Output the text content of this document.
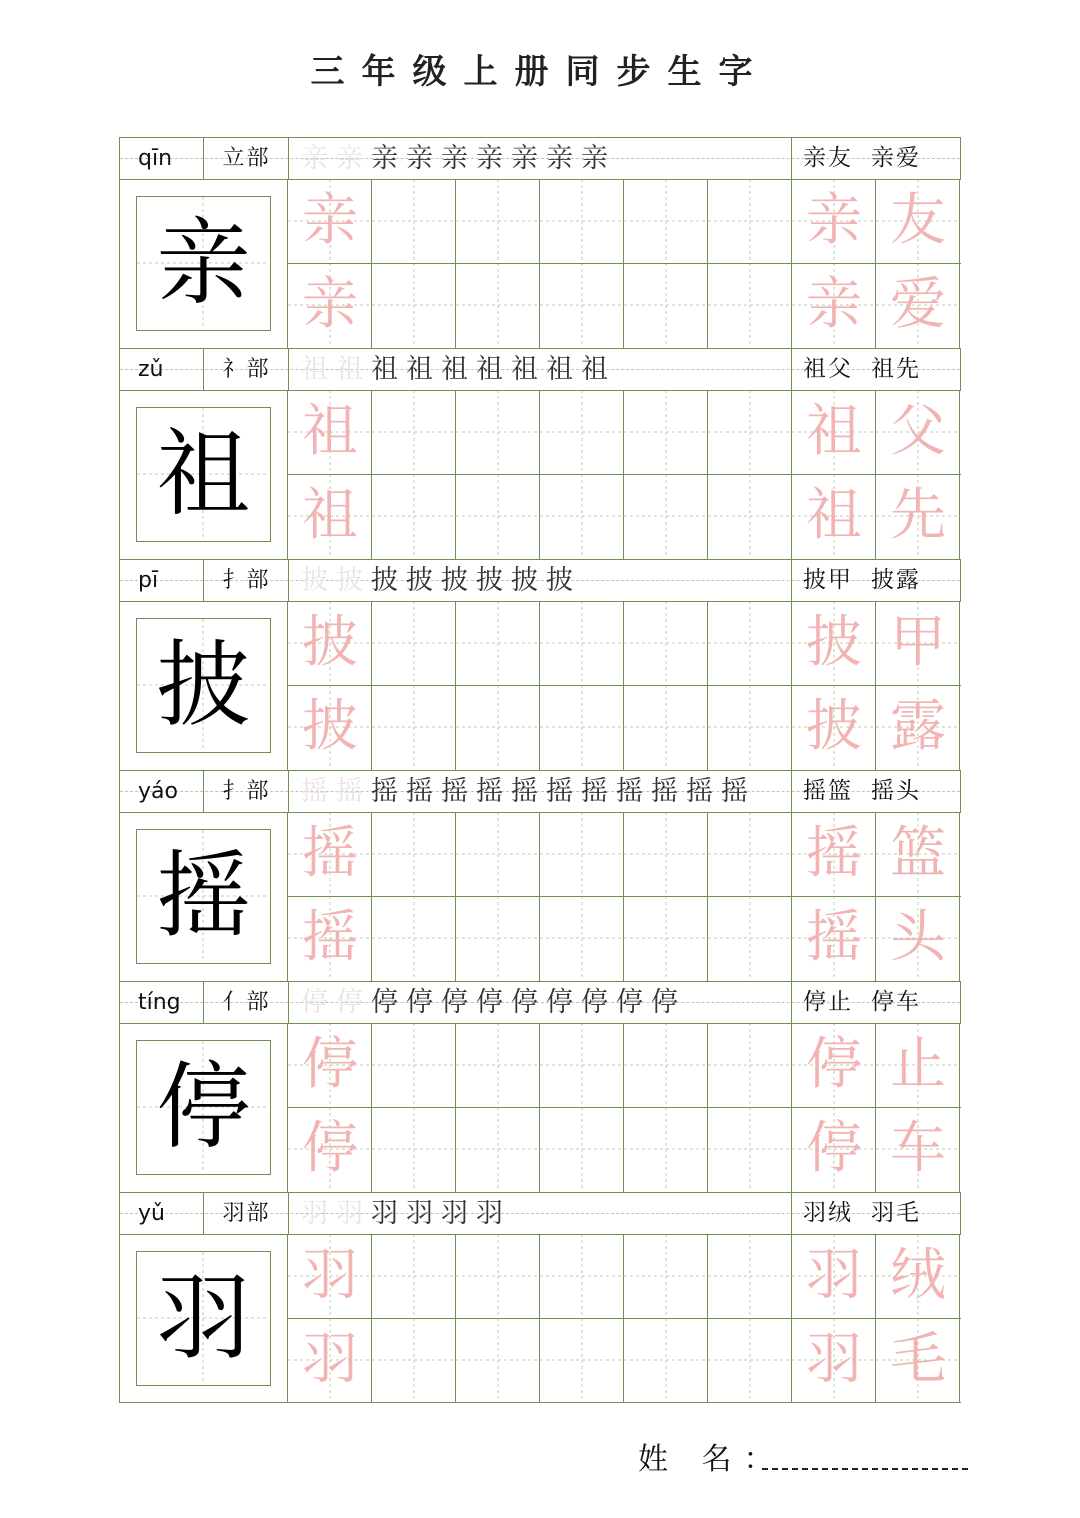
三年级上册同步生字
qīn	立部	亲 亲 亲 亲 亲 亲 亲 亲 亲	亲友 亲爱
亲 亲
亲
亲 友
亲 爱
zǔ	礻部	祖 祖 祖 祖 祖 祖 祖 祖 祖	祖父 祖先
祖 祖
祖
祖 父
祖 先
pī	扌部	披 披 披 披 披 披 披 披	披甲 披露
披 披
披
披 甲
披 露
yáo	扌部	摇 摇 摇 摇 摇 摇 摇 摇 摇 摇 摇 摇 摇	摇篮 摇头
摇 摇
摇
摇 篮
摇 头
tíng	亻部	停 停 停 停 停 停 停 停 停 停 停	停止 停车
停 停
停
停 止
停 车
yǔ	羽部	羽 羽 羽 羽 羽 羽	羽绒 羽毛
羽 羽
羽
羽 绒
羽 毛
姓 名：
